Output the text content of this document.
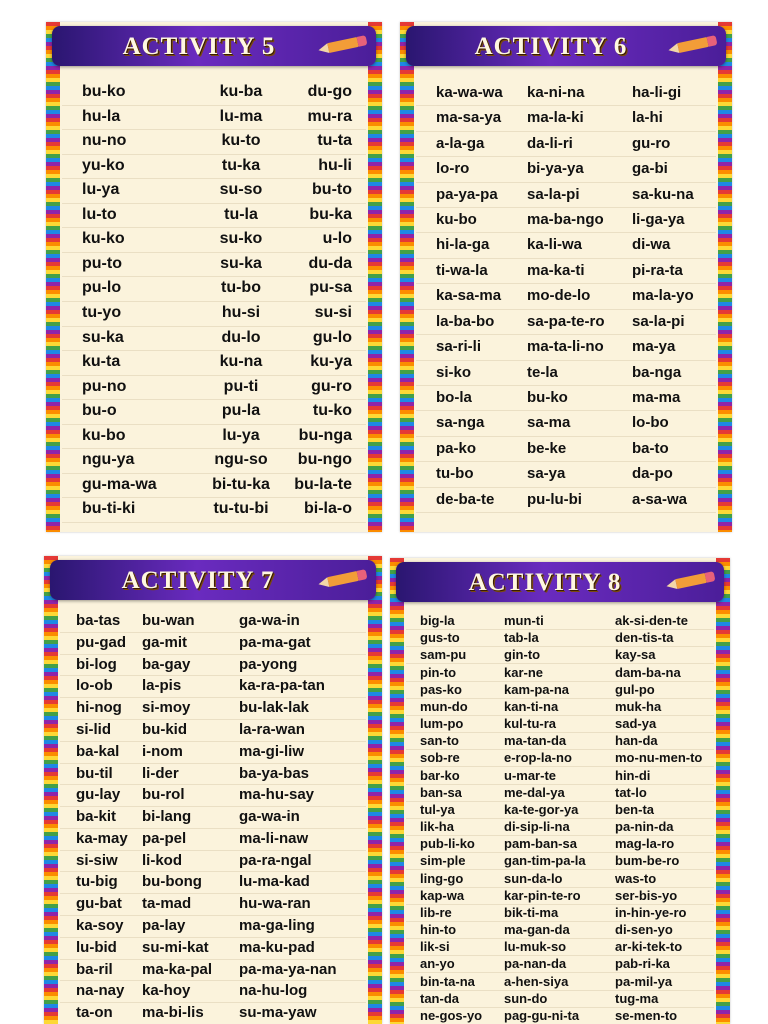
ACTIVITY 5
bu-ko	ku-ba	du-go
hu-la	lu-ma	mu-ra
nu-no	ku-to	tu-ta
yu-ko	tu-ka	hu-li
lu-ya	su-so	bu-to
lu-to	tu-la	bu-ka
ku-ko	su-ko	u-lo
pu-to	su-ka	du-da
pu-lo	tu-bo	pu-sa
tu-yo	hu-si	su-si
su-ka	du-lo	gu-lo
ku-ta	ku-na	ku-ya
pu-no	pu-ti	gu-ro
bu-o	pu-la	tu-ko
ku-bo	lu-ya	bu-nga
ngu-ya	ngu-so	bu-ngo
gu-ma-wa	bi-tu-ka	bu-la-te
bu-ti-ki	tu-tu-bi	bi-la-o
ACTIVITY 6
ka-wa-wa	ka-ni-na	ha-li-gi
ma-sa-ya	ma-la-ki	la-hi
a-la-ga	da-li-ri	gu-ro
lo-ro	bi-ya-ya	ga-bi
pa-ya-pa	sa-la-pi	sa-ku-na
ku-bo	ma-ba-ngo	li-ga-ya
hi-la-ga	ka-li-wa	di-wa
ti-wa-la	ma-ka-ti	pi-ra-ta
ka-sa-ma	mo-de-lo	ma-la-yo
la-ba-bo	sa-pa-te-ro	sa-la-pi
sa-ri-li	ma-ta-li-no	ma-ya
si-ko	te-la	ba-nga
bo-la	bu-ko	ma-ma
sa-nga	sa-ma	lo-bo
pa-ko	be-ke	ba-to
tu-bo	sa-ya	da-po
de-ba-te	pu-lu-bi	a-sa-wa
ACTIVITY 7
ba-tas	bu-wan	ga-wa-in
pu-gad	ga-mit	pa-ma-gat
bi-log	ba-gay	pa-yong
lo-ob	la-pis	ka-ra-pa-tan
hi-nog	si-moy	bu-lak-lak
si-lid	bu-kid	la-ra-wan
ba-kal	i-nom	ma-gi-liw
bu-til	li-der	ba-ya-bas
gu-lay	bu-rol	ma-hu-say
ba-kit	bi-lang	ga-wa-in
ka-may pa-pel	ma-li-naw
si-siw	li-kod	pa-ra-ngal
tu-big	bu-bong	lu-ma-kad
gu-bat	ta-mad	hu-wa-ran
ka-soy	pa-lay	ma-ga-ling
lu-bid	su-mi-kat	ma-ku-pad
ba-ril	ma-ka-pal	pa-ma-ya-nan
na-nay	ka-hoy	na-hu-log
ta-on	ma-bi-lis	su-ma-yaw
ACTIVITY 8
big-la	mun-ti	ak-si-den-te
gus-to	tab-la	den-tis-ta
sam-pu	gin-to	kay-sa
pin-to	kar-ne	dam-ba-na
pas-ko	kam-pa-na	gul-po
mun-do	kan-ti-na	muk-ha
lum-po	kul-tu-ra	sad-ya
san-to	ma-tan-da	han-da
sob-re	e-rop-la-no	mo-nu-men-to
bar-ko	u-mar-te	hin-di
ban-sa	me-dal-ya	tat-lo
tul-ya	ka-te-gor-ya	ben-ta
lik-ha	di-sip-li-na	pa-nin-da
pub-li-ko	pam-ban-sa	mag-la-ro
sim-ple	gan-tim-pa-la	bum-be-ro
ling-go	sun-da-lo	was-to
kap-wa	kar-pin-te-ro	ser-bis-yo
lib-re	bik-ti-ma	in-hin-ye-ro
hin-to	ma-gan-da	di-sen-yo
lik-si	lu-muk-so	ar-ki-tek-to
an-yo	pa-nan-da	pab-ri-ka
bin-ta-na	a-hen-siya	pa-mil-ya
tan-da	sun-do	tug-ma
ne-gos-yo	pag-gu-ni-ta	se-men-to
